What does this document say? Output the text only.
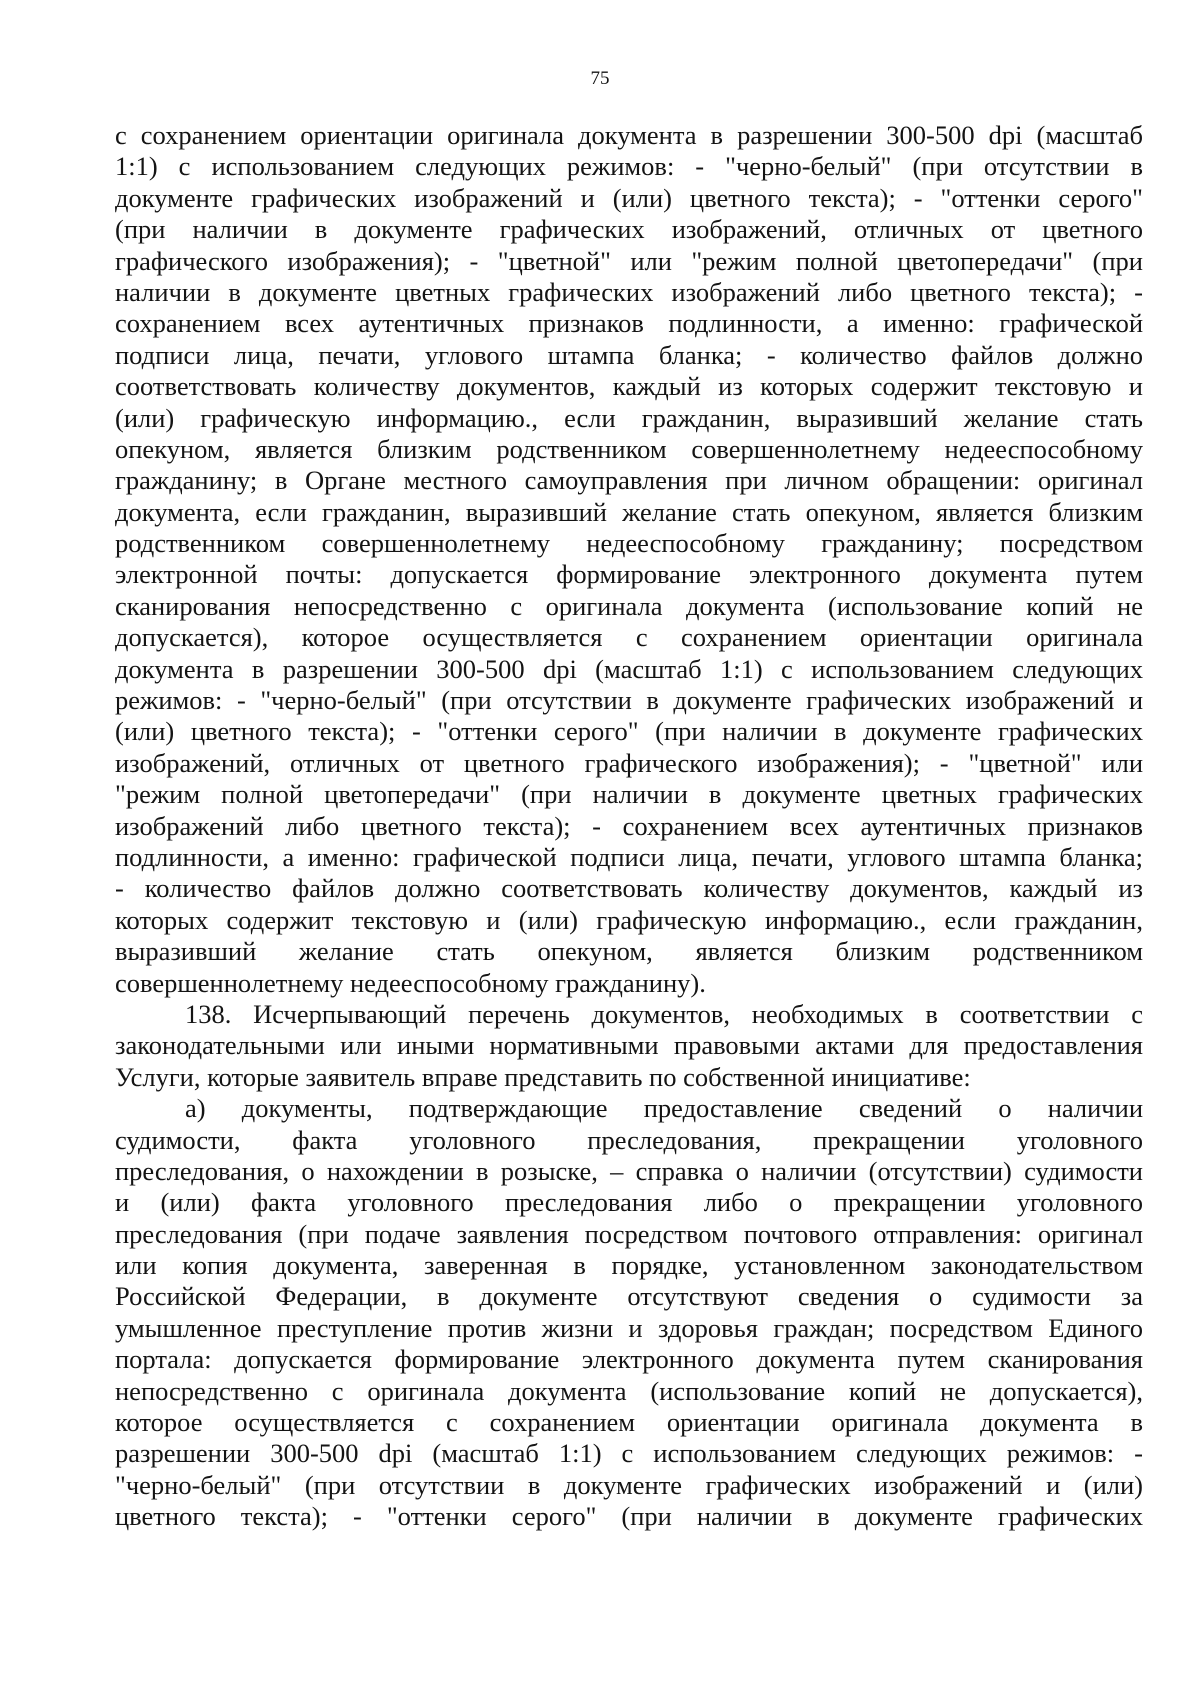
75
с сохранением ориентации оригинала документа в разрешении 300-500 dpi (масштаб
1:1) с использованием следующих режимов: - "черно-белый" (при отсутствии в
документе графических изображений и (или) цветного текста); - "оттенки серого"
(при наличии в документе графических изображений, отличных от цветного
графического изображения); - "цветной" или "режим полной цветопередачи" (при
наличии в документе цветных графических изображений либо цветного текста); -
сохранением всех аутентичных признаков подлинности, а именно: графической
подписи лица, печати, углового штампа бланка; - количество файлов должно
соответствовать количеству документов, каждый из которых содержит текстовую и
(или) графическую информацию., если гражданин, выразивший желание стать
опекуном, является близким родственником совершеннолетнему недееспособному
гражданину; в Органе местного самоуправления при личном обращении: оригинал
документа, если гражданин, выразивший желание стать опекуном, является близким
родственником совершеннолетнему недееспособному гражданину; посредством
электронной почты: допускается формирование электронного документа путем
сканирования непосредственно с оригинала документа (использование копий не
допускается), которое осуществляется с сохранением ориентации оригинала
документа в разрешении 300-500 dpi (масштаб 1:1) с использованием следующих
режимов: - "черно-белый" (при отсутствии в документе графических изображений и
(или) цветного текста); - "оттенки серого" (при наличии в документе графических
изображений, отличных от цветного графического изображения); - "цветной" или
"режим полной цветопередачи" (при наличии в документе цветных графических
изображений либо цветного текста); - сохранением всех аутентичных признаков
подлинности, а именно: графической подписи лица, печати, углового штампа бланка;
- количество файлов должно соответствовать количеству документов, каждый из
которых содержит текстовую и (или) графическую информацию., если гражданин,
выразивший желание стать опекуном, является близким родственником
совершеннолетнему недееспособному гражданину).
138. Исчерпывающий перечень документов, необходимых в соответствии с
законодательными или иными нормативными правовыми актами для предоставления
Услуги, которые заявитель вправе представить по собственной инициативе:
а) документы, подтверждающие предоставление сведений о наличии
судимости, факта уголовного преследования, прекращении уголовного
преследования, о нахождении в розыске, – справка о наличии (отсутствии) судимости
и (или) факта уголовного преследования либо о прекращении уголовного
преследования (при подаче заявления посредством почтового отправления: оригинал
или копия документа, заверенная в порядке, установленном законодательством
Российской Федерации, в документе отсутствуют сведения о судимости за
умышленное преступление против жизни и здоровья граждан; посредством Единого
портала: допускается формирование электронного документа путем сканирования
непосредственно с оригинала документа (использование копий не допускается),
которое осуществляется с сохранением ориентации оригинала документа в
разрешении 300-500 dpi (масштаб 1:1) с использованием следующих режимов: -
"черно-белый" (при отсутствии в документе графических изображений и (или)
цветного текста); - "оттенки серого" (при наличии в документе графических
